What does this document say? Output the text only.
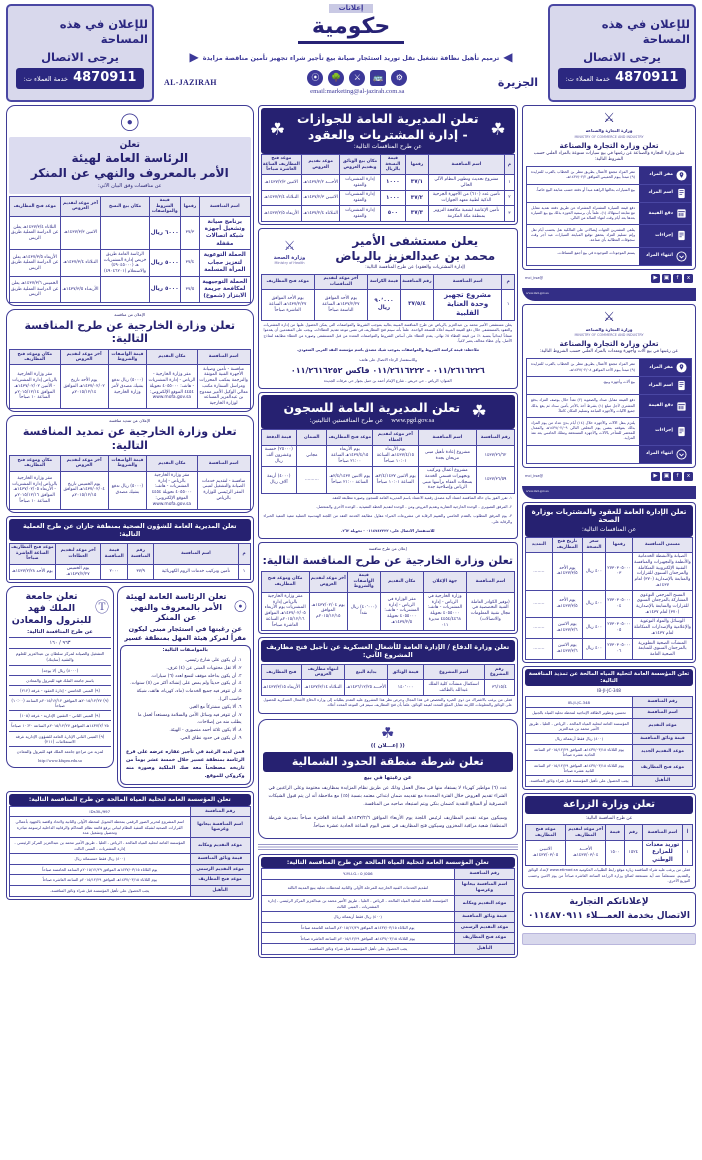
للإعلان في هذه المساحة
يرجى الاتصال
4870911
خدمة العملاء ت:
إعلانات
حكومية
◀
ترميم تأهيل نظافة تشغيل نقل توريد استئجار صيانة بيع تأجير شراء تجهيز تأمين مناقصة مزايدة
▶
الجزيرة
⚙
🚌
⚔
🌳
⦿
email:marketing@al-jazirah.com.sa
AL-JAZIRAH
للإعلان في هذه المساحة
يرجى الاتصال
4870911
خدمة العملاء ت:
⚔
وزارة التجارة والصناعة
MINISTRY OF COMMERCE AND INDUSTRY
تعلن وزارة التجارة والصناعة
تعلن وزارة التجارة والصناعة عن رغبتها في بيع سيارات متنوعة بالمزاد العلني حسب الشروط التالية:
مقر المزاد
مقر المزاد مجمع الأعمال بطريق مطر بن الخطاب بالقرب للمزايدة (٩) مبتدأ بيوم الخميس الموافق ١٤٣٧/٠٢/٢هـ.
اسم المزاد
بيع السيارات بحالتها الراهنة مبدأ أو دفعة حسب متابعة البيع خاصاً.
دفع القيمة
دفع قيمة السيارة المشتراة المشتراة عن طريق دفعة نقدية مقابل مع متابعة استهلاك (١)، علماً بأن برسمية الحوزة بذلك بيع بيع السيارة بعدها بعد أيام وقت انتهاء الصالة من التالي.
إجراءات
يتلقى المشترين الجهات إيصالاتي على المالكية نقل بحسب أيام نقل وإتم تسليم المزاد بتحقق توقيع المبايعة السيارات عبد أجر وقت سجوقات المطالبة بأي صناعة.
انتهاء المزاد
يستم الموجودات الموجودة في بيع أجمع المسافات.
x
f
▣
▶
@mci_ksa
www.mci.gov.sa
⚔
وزارة التجارة والصناعة
MINISTRY OF COMMERCE AND INDUSTRY
تعلن وزارة التجارة والصناعة
عن رغبتها في بيع آلات وأجهزة ومعدات بالمزاد العلني حسب الشروط التالية:
مقر المزاد
مقر المزاد مجمع الأعمال بطريق مطر بن الخطاب بالقرب للمزايدة (٩) مبتدأ بيوم الأحد الموافق ١٤٣٧/٠٢/٠٨هـ.
اسم المزاد
بيع آلات وأجهزة وبيع.
دفع القيمة
دفع القيمة مقابل صداد والصعوبة (٢) نقداً خلال بوصف المزاد بدفع المشتري لأجل مبلغ (١) بشرط أخذ بالأجر بأمين سداد ثم يقع بذلك جميع الآليات والأجهزة المباعة وتسليم المكان كاملاً.
إجراءات
يلتزم بنقل الآلات والأجهزة خلال (١٤) أيام بدئ عداد من يوم المزاد بذلك بموقعه بنفس يوم التخلص التالي ١٤٣٧/٠٢/٠٩هـ والمعدل للمحضر للمتأخر بالآلات والأجهزة المستحقة وتملك الخامس بعد نفذ المزايد.
انتهاء المزاد
x
f
▣
▶
@mci_ksa
www.mci.gov.sa
تعلن الإدارة العامة للعقود والمشتريات بوزارة الصحة
عن المنافسات التالية:
مسمى المنافسة	رقمها	سعر النسخة	تاريخ فتح المظاريف	التمديد
الصيانة والأنشطة الخدماتية والأنظمة والتجهيزات والمنافسة التقنية الإلكترونية المتكاملة والمرجعان السنوي للقرارات والمتابعة بالإصدارية (٣٧٠) لعام ١٤٣٧هـ	٢٧٣٠٣٠٥٠٠٠٠٣	٤٠٠ ريال	يوم الأحد ١٤٣٧/٣/٥هـ	........
المسح المرجعي التوعوي المشاركة بالمرجعان السنوي للقرارات والمتابعة بالإصدارية (٣٧٠) لعام ١٤٣٧هـ	٢٧٣٠٣٠٥٠٠٠٠٤	٤٠٠ ريال	يوم الأحد ١٤٣٧/٣/٥هـ	........
الوسائل والمواد التوعوية والإعلامية والإصدارات المتكاملة لعام ١٤٣٧هـ	٢٧٣٠٣٠٥٠٠٠٠٥	٤٠٠ ريال	يوم الاثنين ١٤٣٧/٣/٦هـ	........
المنشآت الصحية التطويرية بالمرجعان السنوي للمتابعة الصحية العامة	٢٧٣٠٣٠٥٠٠٠٠٦	٤٠٠ ريال	يوم الاثنين ١٤٣٧/٣/٦هـ	........
تعلن المؤسسة العامة لتحلية المياه المالحة عن تمديد المنافسة التالية:
IB-JI-JC-348
رقم المنافسة	IB-JI-JC-348
اسم المنافسة	تحسين وتطوير الطاقة الإنتاجية لمحطة تحلية المياه بالجبيل
موعد التقديم	المؤسسة العامة لتحلية المياه المالحة - الرياض - العليا - طريق الأمير محمد بن عبدالعزيز
قيمة وثائق المنافسة	(٤٠٠) ريال فقط أربعمائة ريال
موعد التقديم الجديد	يوم الثلاثاء ١٤٣٧/٠٣/١٨هـ الموافق ٢٠١٥/١٢/٢٩م الساعة الحادية عشرة صباحاً
موعد فتح المظاريف	يوم الثلاثاء ١٤٣٧/٠٣/١٨هـ الموافق ٢٠١٥/١٢/٢٩م الساعة الثانية عشرة صباحاً
التأهيل	يجب الحصول على تأهيل المؤسسة قبل شراء وثائق المنافسة.
تعلن وزارة الزراعة
عن طرح المنافسة التالية:
أ	اسم المنافسة	رقم	قيمة	آخر موعد لتقديم المظاريف	موعد فتح المظاريف
١	توريد معدات للمزارع الوطني	١٥٢٤	١٥٠٠	الأحـــد ١٤٣٧/٠٣/٠٤هـ	الاثنيـن ١٤٣٧/٠٣/٠٥هـ
فعلى من يرغب عليه شراء المنافسة زيارة موقع رابط الطلبيات الحكومية www.etimad.sa لإعداد الوثائق والتقديم، مستعلماً عنه أية مستحقة لصالح وزارة الزراعة الساعة العاشرة صباحاً من يوم الاثنين وحسب التوزيع الأخرى.
لإعلاناتكم التجارية
الاتصال بخدمة العمـــلاء ٠١١٤٨٧٠٩١١
☘
تعلن المديرية العامة للجوازات - إدارة المشتريات والعقود
عن طرح المنافسات التالية:
☘
م	اسم المنافسة	رقمها	قيمة النسخة بالريال	مكان بيع الوثائق وتقديم العروض	موعد تقديم العروض	موعد فتح المظاريف الساعة العاشرة صباحاً
١	مشروع تحديث وتطوير النظام الآلي الحالي	٣٧/١	١٠٠٠	إدارة المشتريات والعقود	الأحـــد ١٤٣٧/٢/٢هـ	الاثنين ١٤٣٧/٢/٣هـ
٢	تأمين عدد (٦١٠) من الأجهزة الجرحية الذكية لطبية معهد الجوازات	٣٧/٢	١٠٠٠	إدارة المشتريات والعقود	الاثنيـن ١٤٣٧/٢/٣هـ	الثـلاثاء ١٤٣٧/٢/٤هـ
٣	تأمين الإعاشة لشعبة مكافحة التزوير بمنطقة مكة المكرمة	٣٧/٣	٥٠٠	إدارة المشتريات والعقود	الثـلاثاء ١٤٣٧/٢/٤هـ	الأربعاء ١٤٣٧/٢/٥هـ
يعلن مستشفى الأمير
محمد بن عبدالعزيز بالرياض
(إدارة المشتريات والعقود) عن طرح المنافسة التالية:
⚔
وزارة الصحة
Ministry of Health
م	اسم المنافسة	رقم المنافسة	قيمة الكراسة	آخر موعد لتقديم المناقصات	موعد فتح المظاريف
١	مشروع تجهيز وحدة العناية القلبية	٣٧/٥/٤	٩٠٬٠٠٠ ريال	يوم الأحد الموافق ١٤٣٧/٢/٢٧هـ الساعة التاسعة صباحاً	يوم الأحد الموافق ١٤٣٧/٢/٢٧هـ الساعة العاشرة صباحاً
يعلن مستشفى الأمير محمد بن عبدالعزيز بالرياض عن طرح المنافسة المبينة بعاليه بموجب الشروط والمواصفات التي يمكن الحصول عليها من إدارة المشتريات والعقود بالمستشفى خلال دفع القيمة المبينة أعلاه للنسخة الواحدة، علماً بأنه سيتم فتح المظاريف في نفس موعد تقديم العطاءات، ويجب على المتقدمين أن يقدموا ضماناً ابتدائياً بنسبة ١٪ من قيمة العطاء ٥٪ نهائي. يقدم العطاء على أساس الشروط والمواصفات المعدة من قبل المستشفى وصورة من العطاء مطابقة لنماذج الأصل، وأي عطاء مخالف يعتبر لاغياً.
ملاحظة: قيمة كراسة الشروط والمواصفات بموجب شيك مصدق باسم مؤسسة النقد العربي السعودي.
وللاستفسار الرجاء الاتصال على هاتف:
٠١١/٢٦١٦٢٢٦ - ٠١١/٢٦١٦٢٢٢ فاكس ٠١١/٢٦١٦٢٥٢
العنوان: الرياض - حي خريص - شارع الإمام أحمد بن حنبل بجوار حي عرفات الجديدة
☘
تعلن المديرية العامة للسجون
www.pgd.gov.sa
عن طرح المنافستين التاليتين:
رقم المنافسة	اسم المنافسة	آخر موعد لتقديم العطاء	موعد فتح المظاريف	الضمان	قيمة الدفعة
١٤٣٧/٣٦/٦٢	مشروع إعادة تأهيل مبنى مريحان بجدة	يوم الأربعاء ١٤٣٧/٤/١٥هـ الساعة ١٠:٠١ صباحاً	يوم الأربعاء ١٤٣٧/٤/١٥هـ الساعة ٢١:٠٠ صباحاً	مجاني	(٢٥٠٠٠) خمسة وعشرون ألف ريال
١٤٣٧/٣٦/٥٩	مشروع أعمال وتركيب وتجهيزات قسمي الخدمة بسجلات العفاه برأسها مبنى الرياض وإصلاحية جدة	يوم الاثنين ٢/٤/١٤٣٧هـ الساعة ١٠:٠١ صباحاً	يوم الاثنين ٢/٤/١٤٣٧هـ الساعة ٢١:٠٠ صباحاً	..........	(٤٠٠٠) أربعة آلاف ريال
١- تقرر الفوز بيان حالة المنافسة اعتماد آلية مصدق رقمية الاعتماد باسم المديرية العامة للسجون وصورة مطابقة للعقد.
٢- المرفق التصويري - الوحدة الخارجية العقارية وتقديم العروض ومن - الوحدة لتقديم الخطة التنفيذية - الوحدة الأخرى والمتحصل.
٣- يوم المرفق المطلوب بالتقدم الخامس والتقييم الرقابة في مشروعات الخبراء مقاول مطابقة الخدمة العقد من اللجنة الهندسية العملية تنفيذ التنفيذ الخبراء والرقابة على.
للاستفسار الاتصال على: ٠١١٤٧٤٢٢٢٢ - تحويلة ٢٦٢.
إعلان من طرح منافسة
تعلن وزارة الخارجية عن طرح المنافسة التالية:
اسم المنافسة	جهة الإعلان	مكان التقديم	قيمة الواصفات والشروط	آخر موعد لتقديم العروض	مكان وموعد فتح المظاريف
(توفير الكوادر العاملة الفنية التخصصية في مجال تقنية المعلومات والاتصالات)	وزارة الخارجية في الرياض - إدارة المشتريات - هاتف: ٤٠٥٥٠٠٠ تحويلة ٤٤٥٤/٤٤٦٨ مديرة ٠١١	مقر الوزارة في الرياض - إدارة المشتريات - هاتف: ٤٠٥٥٠٠٠ تحويلة ١٤٣٧/٢/٥هـ	(٤٠٬٠٠٠) ريال نقداً	يوم ١٤٣٧/٠٢/٠٤هـ الموافق ٢٠١٥/١٢/١٥م	مقر وزارة الخارجية بالرياض إدارة المشتريات يوم الأربعاء ١٤٣٧/٠٢/٠٥هـ الموافق ٢٠١٥/١٢/١٦م الساعة العاشرة صباحاً
تعلن وزارة الدفاع / الإدارة العامة للأشغال العسكرية عن تأجيل فتح مظاريف المشروع الآتي:
رقم المشروع	اسم المشروع	قيمة الوثائق	بداية البيع	انتهاء مظاريف العروض	فتح المظاريف
٣٦/١٥/٤	استكمال منشآت كلية الملك عبدالله بالطائف	١٤٠٬٠٠٠	الأحـــد ١٤٣٦/١٢/٢٥هـ	الثـلاثاء ١٤٣٧/٣/١٤هـ	الأربعاء ١٤٣٧/٣/١٥هـ
فعلى من يرغب بالاشتراك من ذوي الخبرة والتخصص في هذا المجال وحرص نظر هذا المشروع عليه التقدم بطلباته إلى وزارة الدفاع الأشغال العسكرية للحصول على الوثائق والمعلومات اللازمة مقابل المبلغ المحدد لقيمة الوثائق، علماً بأن فتح المظاريف سيتم في الموعد المحدد أعلاه.
☘
(( إعـــلان ))
تعلن شرطة منطقة الحدود الشمالية
عن رغبتها في بيع
عدد (٦) مواطير كهرباء لا يستفاد منها في مجال العمل وذلك عن طريق نظام المزايدة بمظاريف مختومة وعلى الراغبين في الشراء تقديم العروض خلال الفترة المحددة مع تقديمه ضمان ابتدائي معتمد بنسبة (٥٪) مع ملاحظة أنه لن يتم قبول الشيكات المصرفية أو المبالغ النقدية كضمان بنكي ويتم استبعاد صاحبه من المنافسة.
وسيكون موعد تقديم المظاريف لرئيس اللجنة يوم الأربعاء الموافق ١٤٣٧/٢/٦هـ الساعة العاشرة صباحاً بمديرية شرطة المنطقة/ شعبة مراقبة المخزون وسيكون فتح المظاريف في نفس اليوم الساعة الحادية عشرة صباحاً.
تعلن المؤسسة العامة لتحلية المياه المالحة عن طرح المنافسة التالية:
رقم المنافسة	Y-M.I.G.: 0 /006
اسم المنافسة بيعاتها وغرضها	لتقديم الخدمات الفنية الخارجية للمرحلة الأولى والثانية لمحطات تحلية ينبع المدينة الثالثة
موعد التقديم ومكانه	المؤسسة العامة لتحلية المياه المالحة - الرياض - العليا - طريق الأمير محمد بن عبدالعزيز المركز الرئيسي - إدارة المشتريات - المبنى الثالث
قيمة وثائق المنافسة	(٤٠٠) ريال فقط أربعمائة ريال
موعد التقديم الرسمي	يوم الثلاثاء ١٤٣٧/٠٣/١٥هـ الموافق ٢٠١٥/١٢/٢٩م الساعة التاسعة صباحاً
موعد فتح المظاريف	يوم الثلاثاء ١٤٣٧/٠٣/١٥هـ الموافق ٢٠١٥/١٢/٢٩م الساعة العاشرة صباحاً
التأهيل	يجب الحصول على تأهيل المؤسسة قبل شراء وثائق المنافسة.
☉
تعلن
الرئاسة العامة لهيئة
الأمر بالمعروف والنهي عن المنكر
عن منافسات وفق البيان الآتي:
اسم المنافسة	رقمها	قيمة الشروط والمواصفات	مكان بيع النسخ	آخر موعد لتقديم العروض	موعد فتح المظاريف
برنامج صيانة وتشغيل أجهزة شبكة اتصالات مقفلة	٣٧/٣	٦٠٠٠ ريال		الاثنين ١٤٣٧/٣/٣هـ	الثلاثاء ١٤٣٧/٣/٤هـ يعلن عن الدراسة العملية طريق الريس
الحملة التوعوية لتعزيز حجاب المرأة المسلمة	٣٧/٤	٥٠٠٠ ريال	الرئاسة العامة طريق خريص إدارة المشتريات هـ (٤٩٠٤٥٠٠٠) والاستعلام (٤٩٠٤٦٢٠١)	الثـلاثاء ١٤٣٧/٣/٤هـ	الأربعاء ١٤٣٧/٣/٥هـ يعلن عن الدراسة العملية طريق الريس
الحملة التوجيهية لمكافحة جريمة الابتزاز (شموخ)	٣٧/٥	٥٠٠٠ ريال		الأربعـاء ١٤٣٧/٣/٥هـ	الخميس ١٤٣٧/٣/٦هـ يعلن عن الدراسة العملية طريق الريس
الإعلان من منافسة
تعلن وزارة الخارجية عن طرح المنافسة التالية:
اسم المنافسة	مكان التقديم	قيمة الواصفات والشروط	آخر موعد لتقديم العروض	مكان وموعد فتح المظاريف
منافسة - تأمين وصيانة الأجهزة الفنية الموثقة والترجمة بمكتب المحررات ومراسل السفارة مكتب معالي الوكيل الأمير ممدوح بن عبدالعزيز المساعد لوزارة الخارجية	مقر وزارة الخارجية - الرياض - إدارة المشتريات - هاتف: ٤٠٥٥٠٠٠ تحويلة ٤٤٥٤ الموقع الإلكتروني: www.mofa.gov.sa	(٥٠٠٠) ريال تدفع بشيك مصدق لأمر وزارة الخارجية	يوم الأحد تاريخ ١٤٣٧/٠٢/٠٢هـ الموافق ٢٠١٥/١٢/١٤م	مقر وزارة الخارجية بالرياض إدارة المشتريات - الأثنين ١٤٣٧/٠٢/٠٢هـ الموافق ٢٠١٥/١٢/١٤م الساعة ١٠ صباحاً
الإعلان عن تمديد منافسة
تعلن وزارة الخارجية عن تمديد المنافسة التالية:
اسم المنافسة	مكان التقديم	قيمة الواصفات والشروط	آخر موعد لتقديم العروض	مكان وموعد فتح المظاريف
منافسة - لتقديم خدمات الصيانة والتشغيل لمبنى المقر الرئيسي للوزارة بالرياض	مقر وزارة الخارجية بالرياض - إدارة المشتريات - هاتف: ٤٠٥٥٠٠٠ تحويلة ٤٤٥٤ الموقع الإلكتروني: www.mofa.gov.sa	(٥٠٠٠) ريال تدفع بشيك مصدق	يوم الخميس تاريخ ١٤٣٧/٠٢/٠٤هـ الموافق ٢٠١٥/١٢/١٥م	مقر وزارة الخارجية بالرياض إدارة المشتريات - الأربعاء ١٤٣٧/٠٢/٠٥هـ الموافق ٢٠١٥/١٢/١٦م الساعة ١٠ صباحاً
تعلن المديرية العامة للشؤون الصحية بمنطقة جازان عن طرح العملية التالية:
م	اسم المنافسة	رقم المنافسة	قيمة المنافسة	آخر موعد لتقديم العطاءات	موعد فتح المظاريف الساعة العاشرة صباحاً
١	تأمين وتركيب خدمات الروم الكهربائية	٣٧/٩	٢٠٠٠	يوم الخميس ١٤٣٧/٢/٢٧هـ	يوم الأحد ١٤٣٧/٢/٢٨هـ
☉
تعلن الرئاسة العامة لهيئة الأمر بالمعروف والنهي عن المنكر
عن رغبتها في استئجار مبنى ليكون مقراً لمركز هيئة المهل بمنطقة عسير
بالمواصفات التالية:
١. أن يكون على شارع رئيسي.
٢. ألا تقل محتويات المبنى عن (٤) غرف.
٣. أن يكون بداخله موقف لتسع لعدد (٦) سيارات.
٤. أن يكون حديثاً ولم يمض على إنشائه أكثر من (٥) سنوات.
٥. أن تتوفر فيه جميع الخدمات (ماء، كهرباء، هاتف، شبكة حاسب آلي).
٦. ألا يكون مشتركاً مع الغير.
٧. أن تتوفر فيه وسائل الأمن والسلامة ومستعداً لعمل ما يطلب منه من إصلاحات.
٨. ألا يكون ثلاثة أحمد منصوري - الهيئة.
٩. أن يكون في حدود نطاق الحي.
فمن لديه الرغبة في تأجير عقاره عرضه على فرع الرئاسة بمنطقة عسير خلال خمسة عشر يوماً من تاريخه مصطحباً معه صك الملكية وصورة منه وكروكي للموقع.
Ⓣ
تعلن جامعة
الملك فهد للبترول والمعادن
عن طرح المنافسة التالية:
٩٦٣ / ١٦٠
التشغيل والصيانة لمركز سلطان بن عبدالعزيز للعلوم والتقنية (سايتك)
(٨٠٠٠) ريال (لا يوجد)
باسم جامعة الملك فهد للبترول والمعادن
(٩) المبنى الخامس - إدارة العقود - غرفة (٢١٢)
(٩) ٢٠١٥/١٢/٢٧هـ الموافق ٢٠١٥/١٢/١٢م الساعة (١٠:٠٠) صباحاً
(٩) المبنى الثاني - التقنين الإدارية - غرفة (١٠٥)
٢٥ /١٤٣٧/٢هـ الموافق ٢٠١٥/١٢/٢٧م الساعة ١٠:٣٠ صباحاً
(٩) المبنى الثاني الإدارة العامة للشؤون الإدارية غرفة الاستعلامات (٢١١)
لمزيد من مراجع جامعة الملك فهد للبترول والمعادن
http://www.kfupm.edu.sa
تعلن المؤسسة العامة لتحلية المياه المالحة عن طرح المنافسة التالية:
رقم المنافسة	IDs3IL/997
اسم المنافسة بيعاتها وغرضها	اسم المشروع لتحرير الصور الرقمي بمحطة التحويل لمحطة الأولى والثانية ولاتحاد واقصد بالجهود بأعمالي القرارات الصحية لشبكة التنفيذ النظام لبياني يرفع قائمة نظام المحاكم والرقابية الداخلية لرسومة مبادرة وتحصيل وتشغيل عدة
موعد التقديم ومكانه	المؤسسة العامة لتحلية المياه المالحة - الرياض - العليا - طريق الأمير محمد بن عبدالعزيز المركز الرئيسي - إدارة المشتريات - المبنى الثالث
قيمة وثائق المنافسة	(٤٠٠) ريال فقط خمسمائة ريال
موعد التقديم الرسمي	يوم الثلاثاء ١٤٣٧/٠٣/١٥هـ الموافق ٢٠١٥/١٢/٢٩م الساعة الخامسة صباحاً
موعد فتح المظاريف	يوم الثلاثاء ١٤٣٧/٠٣/١٥هـ الموافق ٢٠١٥/١٢/٢٩م الساعة العاشرة صباحاً
التأهيل	يجب الحصول على تأهيل المؤسسة قبل شراء وثائق المنافسة.
